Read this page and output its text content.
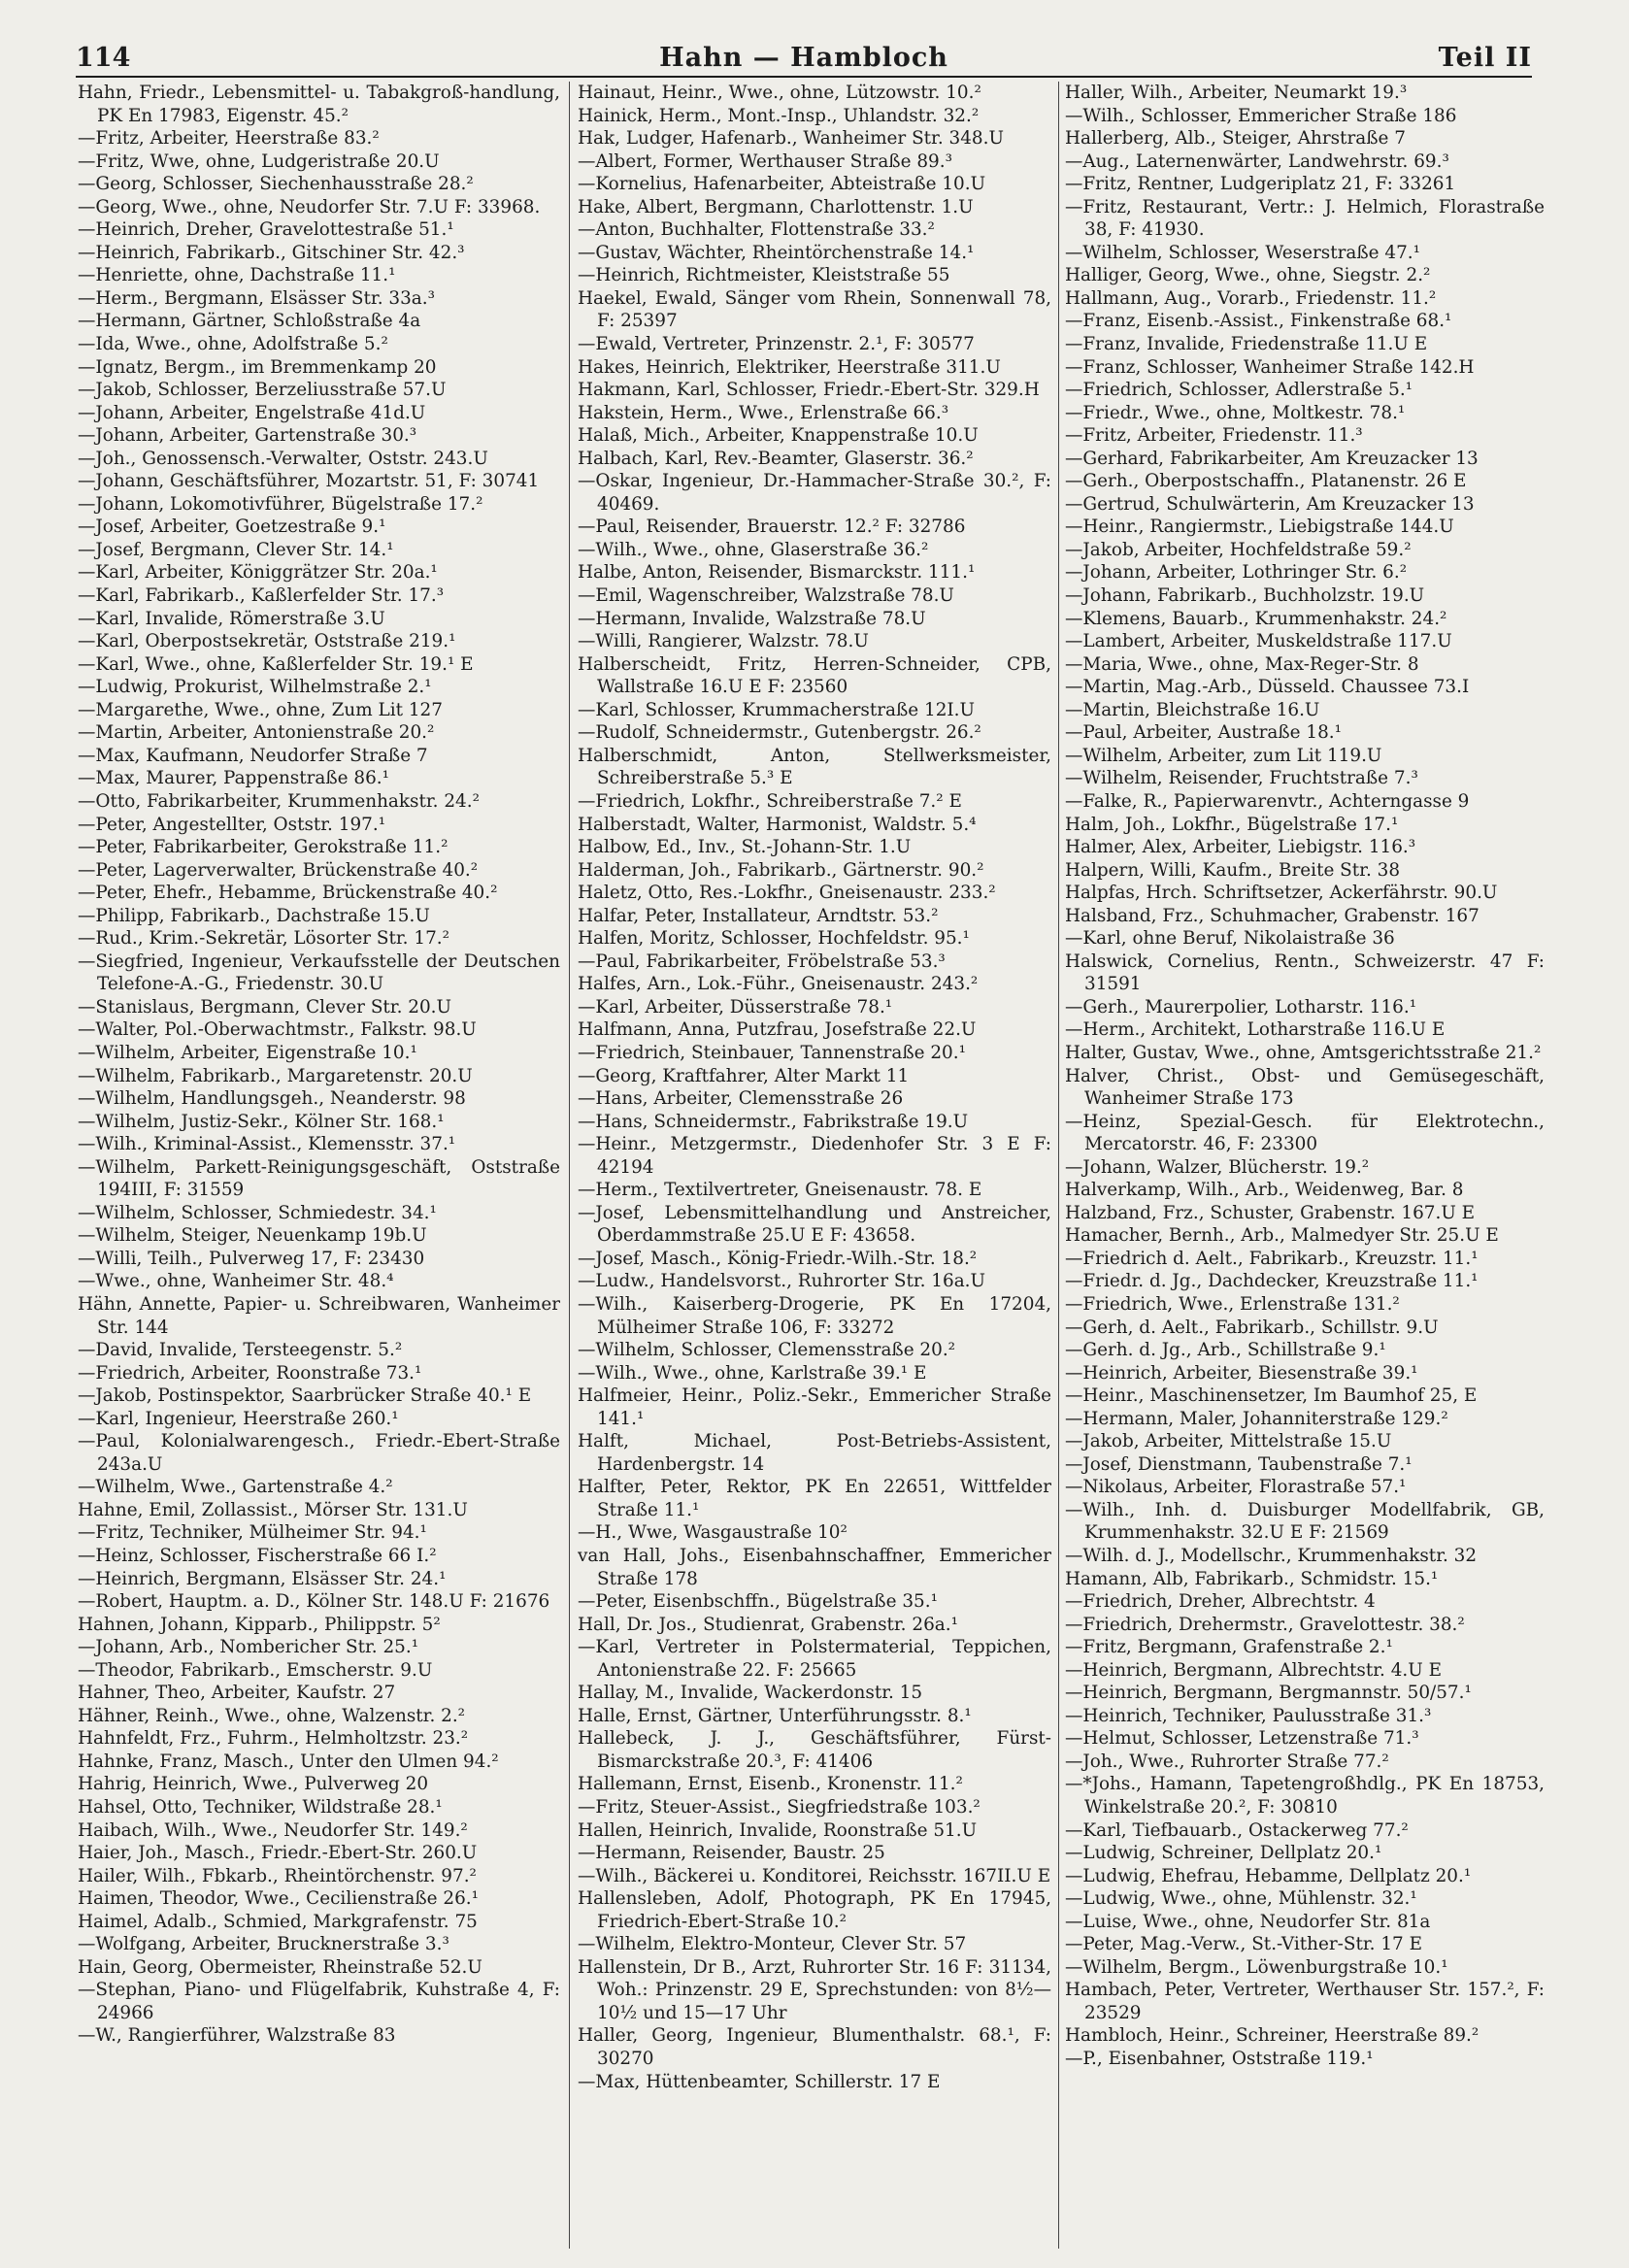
114	Hahn — Hambloch	Teil II

Hahn, Friedr., Lebensmittel- u. Tabakgroß-handlung, PK En 17983, Eigenstr. 45.²

—Fritz, Arbeiter, Heerstraße 83.²

—Fritz, Wwe, ohne, Ludgeristraße 20.U

—Georg, Schlosser, Siechenhausstraße 28.²

—Georg, Wwe., ohne, Neudorfer Str. 7.U F: 33968.

—Heinrich, Dreher, Gravelottestraße 51.¹

—Heinrich, Fabrikarb., Gitschiner Str. 42.³

—Henriette, ohne, Dachstraße 11.¹

—Herm., Bergmann, Elsässer Str. 33a.³

—Hermann, Gärtner, Schloßstraße 4a

—Ida, Wwe., ohne, Adolfstraße 5.²

—Ignatz, Bergm., im Bremmenkamp 20

—Jakob, Schlosser, Berzeliusstraße 57.U

—Johann, Arbeiter, Engelstraße 41d.U

—Johann, Arbeiter, Gartenstraße 30.³

—Joh., Genossensch.-Verwalter, Oststr. 243.U

—Johann, Geschäftsführer, Mozartstr. 51, F: 30741

—Johann, Lokomotivführer, Bügelstraße 17.²

—Josef, Arbeiter, Goetzestraße 9.¹

—Josef, Bergmann, Clever Str. 14.¹

—Karl, Arbeiter, Königgrätzer Str. 20a.¹

—Karl, Fabrikarb., Kaßlerfelder Str. 17.³

—Karl, Invalide, Römerstraße 3.U

—Karl, Oberpostsekretär, Oststraße 219.¹

—Karl, Wwe., ohne, Kaßlerfelder Str. 19.¹ E

—Ludwig, Prokurist, Wilhelmstraße 2.¹

—Margarethe, Wwe., ohne, Zum Lit 127

—Martin, Arbeiter, Antonienstraße 20.²

—Max, Kaufmann, Neudorfer Straße 7

—Max, Maurer, Pappenstraße 86.¹

—Otto, Fabrikarbeiter, Krummenhakstr. 24.²

—Peter, Angestellter, Oststr. 197.¹

—Peter, Fabrikarbeiter, Gerokstraße 11.²

—Peter, Lagerverwalter, Brückenstraße 40.²

—Peter, Ehefr., Hebamme, Brückenstraße 40.²

—Philipp, Fabrikarb., Dachstraße 15.U

—Rud., Krim.-Sekretär, Lösorter Str. 17.²

—Siegfried, Ingenieur, Verkaufsstelle der Deutschen Telefone-A.-G., Friedenstr. 30.U

—Stanislaus, Bergmann, Clever Str. 20.U

—Walter, Pol.-Oberwachtmstr., Falkstr. 98.U

—Wilhelm, Arbeiter, Eigenstraße 10.¹

—Wilhelm, Fabrikarb., Margaretenstr. 20.U

—Wilhelm, Handlungsgeh., Neanderstr. 98

—Wilhelm, Justiz-Sekr., Kölner Str. 168.¹

—Wilh., Kriminal-Assist., Klemensstr. 37.¹

—Wilhelm, Parkett-Reinigungsgeschäft, Oststraße 194III, F: 31559

—Wilhelm, Schlosser, Schmiedestr. 34.¹

—Wilhelm, Steiger, Neuenkamp 19b.U

—Willi, Teilh., Pulverweg 17, F: 23430

—Wwe., ohne, Wanheimer Str. 48.⁴

Hähn, Annette, Papier- u. Schreibwaren, Wanheimer Str. 144

—David, Invalide, Tersteegenstr. 5.²

—Friedrich, Arbeiter, Roonstraße 73.¹

—Jakob, Postinspektor, Saarbrücker Straße 40.¹ E

—Karl, Ingenieur, Heerstraße 260.¹

—Paul, Kolonialwarengesch., Friedr.-Ebert-Straße 243a.U

—Wilhelm, Wwe., Gartenstraße 4.²

Hahne, Emil, Zollassist., Mörser Str. 131.U

—Fritz, Techniker, Mülheimer Str. 94.¹

—Heinz, Schlosser, Fischerstraße 66 I.²

—Heinrich, Bergmann, Elsässer Str. 24.¹

—Robert, Hauptm. a. D., Kölner Str. 148.U F: 21676

Hahnen, Johann, Kipparb., Philippstr. 5²

—Johann, Arb., Nombericher Str. 25.¹

—Theodor, Fabrikarb., Emscherstr. 9.U

Hahner, Theo, Arbeiter, Kaufstr. 27

Hähner, Reinh., Wwe., ohne, Walzenstr. 2.²

Hahnfeldt, Frz., Fuhrm., Helmholtzstr. 23.²

Hahnke, Franz, Masch., Unter den Ulmen 94.²

Hahrig, Heinrich, Wwe., Pulverweg 20

Hahsel, Otto, Techniker, Wildstraße 28.¹

Haibach, Wilh., Wwe., Neudorfer Str. 149.²

Haier, Joh., Masch., Friedr.-Ebert-Str. 260.U

Hailer, Wilh., Fbkarb., Rheintörchenstr. 97.²

Haimen, Theodor, Wwe., Cecilienstraße 26.¹

Haimel, Adalb., Schmied, Markgrafenstr. 75

—Wolfgang, Arbeiter, Brucknerstraße 3.³

Hain, Georg, Obermeister, Rheinstraße 52.U

—Stephan, Piano- und Flügelfabrik, Kuhstraße 4, F: 24966

—W., Rangierführer, Walzstraße 83

Hainaut, Heinr., Wwe., ohne, Lützowstr. 10.²

Hainick, Herm., Mont.-Insp., Uhlandstr. 32.²

Hak, Ludger, Hafenarb., Wanheimer Str. 348.U

—Albert, Former, Werthauser Straße 89.³

—Kornelius, Hafenarbeiter, Abteistraße 10.U

Hake, Albert, Bergmann, Charlottenstr. 1.U

—Anton, Buchhalter, Flottenstraße 33.²

—Gustav, Wächter, Rheintörchenstraße 14.¹

—Heinrich, Richtmeister, Kleiststraße 55

Haekel, Ewald, Sänger vom Rhein, Sonnenwall 78, F: 25397

—Ewald, Vertreter, Prinzenstr. 2.¹, F: 30577

Hakes, Heinrich, Elektriker, Heerstraße 311.U

Hakmann, Karl, Schlosser, Friedr.-Ebert-Str. 329.H

Hakstein, Herm., Wwe., Erlenstraße 66.³

Halaß, Mich., Arbeiter, Knappenstraße 10.U

Halbach, Karl, Rev.-Beamter, Glaserstr. 36.²

—Oskar, Ingenieur, Dr.-Hammacher-Straße 30.², F: 40469.

—Paul, Reisender, Brauerstr. 12.² F: 32786

—Wilh., Wwe., ohne, Glaserstraße 36.²

Halbe, Anton, Reisender, Bismarckstr. 111.¹

—Emil, Wagenschreiber, Walzstraße 78.U

—Hermann, Invalide, Walzstraße 78.U

—Willi, Rangierer, Walzstr. 78.U

Halberscheidt, Fritz, Herren-Schneider, CPB, Wallstraße 16.U E F: 23560

—Karl, Schlosser, Krummacherstraße 12I.U

—Rudolf, Schneidermstr., Gutenbergstr. 26.²

Halberschmidt, Anton, Stellwerksmeister, Schreiberstraße 5.³ E

—Friedrich, Lokfhr., Schreiberstraße 7.² E

Halberstadt, Walter, Harmonist, Waldstr. 5.⁴

Halbow, Ed., Inv., St.-Johann-Str. 1.U

Halderman, Joh., Fabrikarb., Gärtnerstr. 90.²

Haletz, Otto, Res.-Lokfhr., Gneisenaustr. 233.²

Halfar, Peter, Installateur, Arndtstr. 53.²

Halfen, Moritz, Schlosser, Hochfeldstr. 95.¹

—Paul, Fabrikarbeiter, Fröbelstraße 53.³

Halfes, Arn., Lok.-Führ., Gneisenaustr. 243.²

—Karl, Arbeiter, Düsserstraße 78.¹

Halfmann, Anna, Putzfrau, Josefstraße 22.U

—Friedrich, Steinbauer, Tannenstraße 20.¹

—Georg, Kraftfahrer, Alter Markt 11

—Hans, Arbeiter, Clemensstraße 26

—Hans, Schneidermstr., Fabrikstraße 19.U

—Heinr., Metzgermstr., Diedenhofer Str. 3 E F: 42194

—Herm., Textilvertreter, Gneisenaustr. 78. E

—Josef, Lebensmittelhandlung und Anstreicher, Oberdammstraße 25.U E F: 43658.

—Josef, Masch., König-Friedr.-Wilh.-Str. 18.²

—Ludw., Handelsvorst., Ruhrorter Str. 16a.U

—Wilh., Kaiserberg-Drogerie, PK En 17204, Mülheimer Straße 106, F: 33272

—Wilhelm, Schlosser, Clemensstraße 20.²

—Wilh., Wwe., ohne, Karlstraße 39.¹ E

Halfmeier, Heinr., Poliz.-Sekr., Emmericher Straße 141.¹

Halft, Michael, Post-Betriebs-Assistent, Hardenbergstr. 14

Halfter, Peter, Rektor, PK En 22651, Wittfelder Straße 11.¹

—H., Wwe, Wasgaustraße 10²

van Hall, Johs., Eisenbahnschaffner, Emmericher Straße 178

—Peter, Eisenbschffn., Bügelstraße 35.¹

Hall, Dr. Jos., Studienrat, Grabenstr. 26a.¹

—Karl, Vertreter in Polstermaterial, Teppichen, Antonienstraße 22. F: 25665

Hallay, M., Invalide, Wackerdonstr. 15

Halle, Ernst, Gärtner, Unterführungsstr. 8.¹

Hallebeck, J. J., Geschäftsführer, Fürst-Bismarckstraße 20.³, F: 41406

Hallemann, Ernst, Eisenb., Kronenstr. 11.²

—Fritz, Steuer-Assist., Siegfriedstraße 103.²

Hallen, Heinrich, Invalide, Roonstraße 51.U

—Hermann, Reisender, Baustr. 25

—Wilh., Bäckerei u. Konditorei, Reichsstr. 167II.U E

Hallensleben, Adolf, Photograph, PK En 17945, Friedrich-Ebert-Straße 10.²

—Wilhelm, Elektro-Monteur, Clever Str. 57

Hallenstein, Dr B., Arzt, Ruhrorter Str. 16 F: 31134, Woh.: Prinzenstr. 29 E, Sprechstunden: von 8½—10½ und 15—17 Uhr

Haller, Georg, Ingenieur, Blumenthalstr. 68.¹, F: 30270

—Max, Hüttenbeamter, Schillerstr. 17 E

Haller, Wilh., Arbeiter, Neumarkt 19.³

—Wilh., Schlosser, Emmericher Straße 186

Hallerberg, Alb., Steiger, Ahrstraße 7

—Aug., Laternenwärter, Landwehrstr. 69.³

—Fritz, Rentner, Ludgeriplatz 21, F: 33261

—Fritz, Restaurant, Vertr.: J. Helmich, Florastraße 38, F: 41930.

—Wilhelm, Schlosser, Weserstraße 47.¹

Halliger, Georg, Wwe., ohne, Siegstr. 2.²

Hallmann, Aug., Vorarb., Friedenstr. 11.²

—Franz, Eisenb.-Assist., Finkenstraße 68.¹

—Franz, Invalide, Friedenstraße 11.U E

—Franz, Schlosser, Wanheimer Straße 142.H

—Friedrich, Schlosser, Adlerstraße 5.¹

—Friedr., Wwe., ohne, Moltkestr. 78.¹

—Fritz, Arbeiter, Friedenstr. 11.³

—Gerhard, Fabrikarbeiter, Am Kreuzacker 13

—Gerh., Oberpostschaffn., Platanenstr. 26 E

—Gertrud, Schulwärterin, Am Kreuzacker 13

—Heinr., Rangiermstr., Liebigstraße 144.U

—Jakob, Arbeiter, Hochfeldstraße 59.²

—Johann, Arbeiter, Lothringer Str. 6.²

—Johann, Fabrikarb., Buchholzstr. 19.U

—Klemens, Bauarb., Krummenhakstr. 24.²

—Lambert, Arbeiter, Muskeldstraße 117.U

—Maria, Wwe., ohne, Max-Reger-Str. 8

—Martin, Mag.-Arb., Düsseld. Chaussee 73.I

—Martin, Bleichstraße 16.U

—Paul, Arbeiter, Austraße 18.¹

—Wilhelm, Arbeiter, zum Lit 119.U

—Wilhelm, Reisender, Fruchtstraße 7.³

—Falke, R., Papierwarenvtr., Achterngasse 9

Halm, Joh., Lokfhr., Bügelstraße 17.¹

Halmer, Alex, Arbeiter, Liebigstr. 116.³

Halpern, Willi, Kaufm., Breite Str. 38

Halpfas, Hrch. Schriftsetzer, Ackerfährstr. 90.U

Halsband, Frz., Schuhmacher, Grabenstr. 167

—Karl, ohne Beruf, Nikolaistraße 36

Halswick, Cornelius, Rentn., Schweizerstr. 47 F: 31591

—Gerh., Maurerpolier, Lotharstr. 116.¹

—Herm., Architekt, Lotharstraße 116.U E

Halter, Gustav, Wwe., ohne, Amtsgerichtsstraße 21.²

Halver, Christ., Obst- und Gemüsegeschäft, Wanheimer Straße 173

—Heinz, Spezial-Gesch. für Elektrotechn., Mercatorstr. 46, F: 23300

—Johann, Walzer, Blücherstr. 19.²

Halverkamp, Wilh., Arb., Weidenweg, Bar. 8

Halzband, Frz., Schuster, Grabenstr. 167.U E

Hamacher, Bernh., Arb., Malmedyer Str. 25.U E

—Friedrich d. Aelt., Fabrikarb., Kreuzstr. 11.¹

—Friedr. d. Jg., Dachdecker, Kreuzstraße 11.¹

—Friedrich, Wwe., Erlenstraße 131.²

—Gerh, d. Aelt., Fabrikarb., Schillstr. 9.U

—Gerh. d. Jg., Arb., Schillstraße 9.¹

—Heinrich, Arbeiter, Biesenstraße 39.¹

—Heinr., Maschinensetzer, Im Baumhof 25, E

—Hermann, Maler, Johanniterstraße 129.²

—Jakob, Arbeiter, Mittelstraße 15.U

—Josef, Dienstmann, Taubenstraße 7.¹

—Nikolaus, Arbeiter, Florastraße 57.¹

—Wilh., Inh. d. Duisburger Modellfabrik, GB, Krummenhakstr. 32.U E F: 21569

—Wilh. d. J., Modellschr., Krummenhakstr. 32

Hamann, Alb, Fabrikarb., Schmidstr. 15.¹

—Friedrich, Dreher, Albrechtstr. 4

—Friedrich, Drehermstr., Gravelottestr. 38.²

—Fritz, Bergmann, Grafenstraße 2.¹

—Heinrich, Bergmann, Albrechtstr. 4.U E

—Heinrich, Bergmann, Bergmannstr. 50/57.¹

—Heinrich, Techniker, Paulusstraße 31.³

—Helmut, Schlosser, Letzenstraße 71.³

—Joh., Wwe., Ruhrorter Straße 77.²

—*Johs., Hamann, Tapetengroßhdlg., PK En 18753, Winkelstraße 20.², F: 30810

—Karl, Tiefbauarb., Ostackerweg 77.²

—Ludwig, Schreiner, Dellplatz 20.¹

—Ludwig, Ehefrau, Hebamme, Dellplatz 20.¹

—Ludwig, Wwe., ohne, Mühlenstr. 32.¹

—Luise, Wwe., ohne, Neudorfer Str. 81a

—Peter, Mag.-Verw., St.-Vither-Str. 17 E

—Wilhelm, Bergm., Löwenburgstraße 10.¹

Hambach, Peter, Vertreter, Werthauser Str. 157.², F: 23529

Hambloch, Heinr., Schreiner, Heerstraße 89.²

—P., Eisenbahner, Oststraße 119.¹
